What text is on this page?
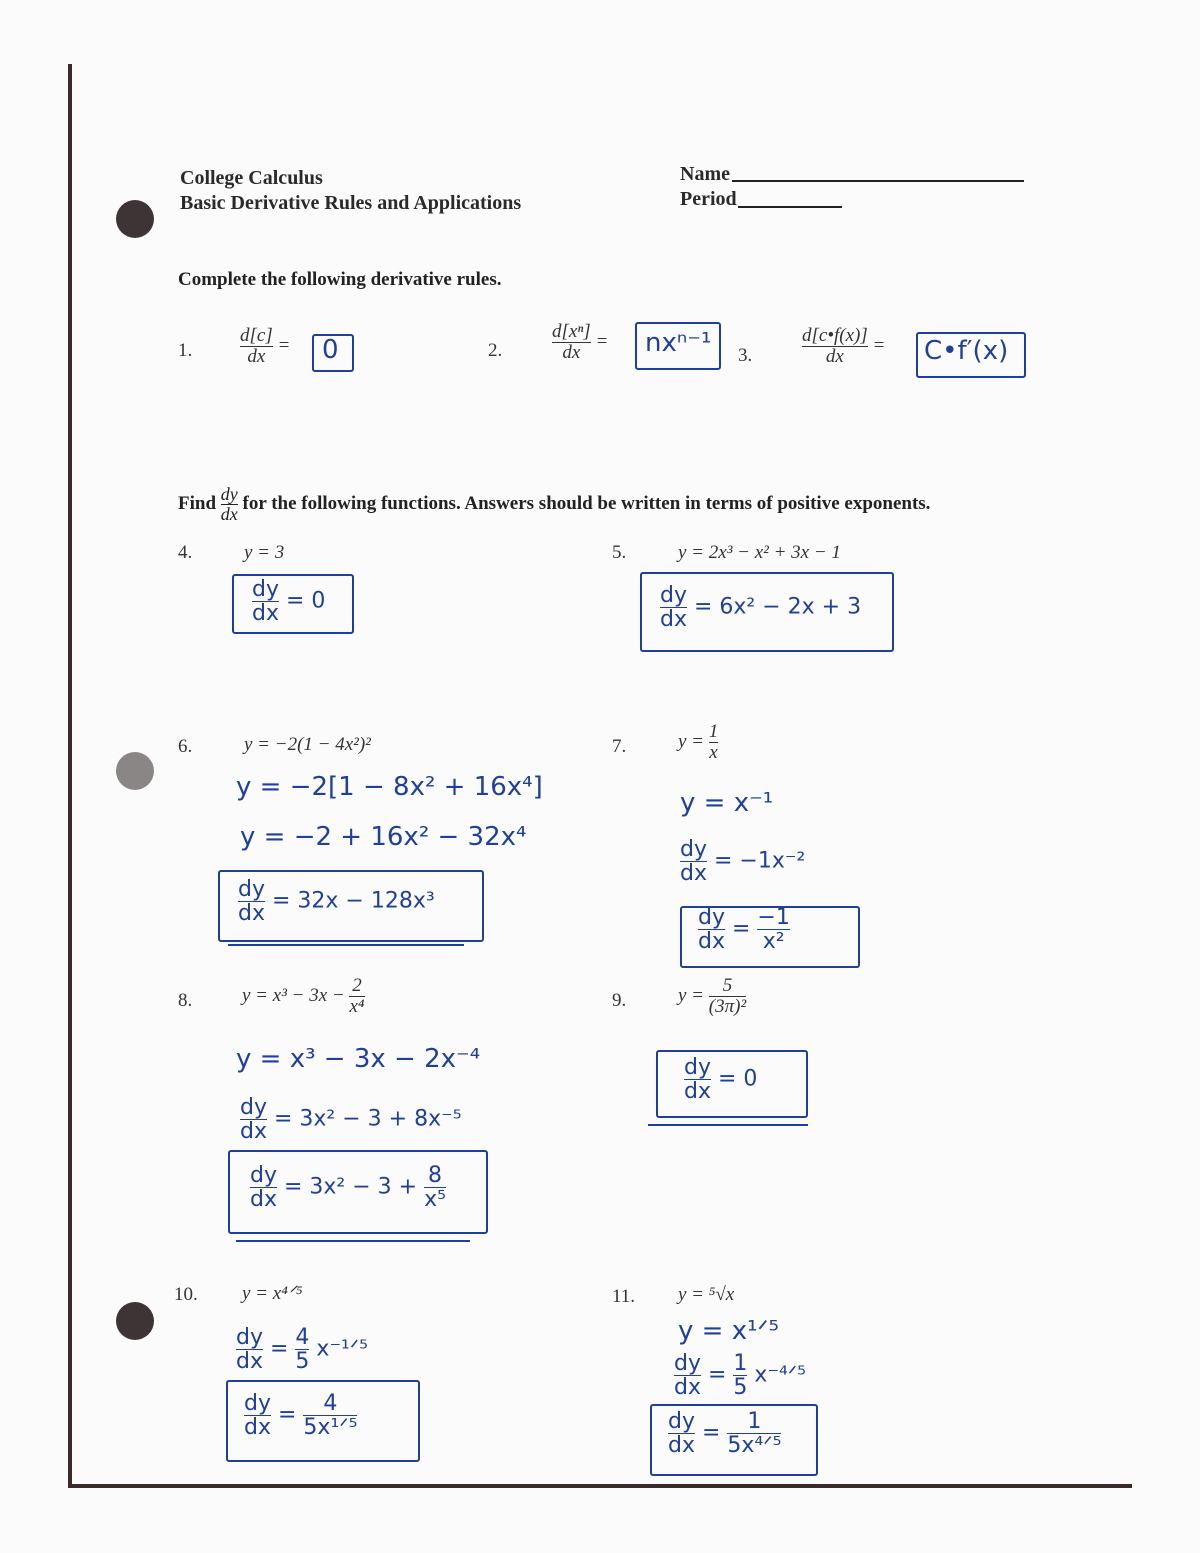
College Calculus
Basic Derivative Rules and Applications
Name
Period
Complete the following derivative rules.
1.	$\frac{d[c]}{dx} = 0$	2.	$\frac{\text{d[xⁿ]}}{dx} = nx^{n-1}$ 3.	$\frac{d[c•f(x)]}{dx}$ = C•f′(x)
Find $\frac{dy}{dx}$ for the following functions. Answers should be written in terms of positive exponents.
4.	y = 3
$\frac{dy}{dx} = 0$
5.	y = 2x³ − x² + 3x − 1
$\frac{dy}{dx} = 6x^2 - 2x + 3$
6.	y = −2(1 − 4x²)²
y = −2[1 − 8x² + 16x⁴]
y = −2 + 16x² − 32x⁴
$\frac{dy}{dx} = 32x - 128x^3$
7.	$y = \frac{1}{x}$
y = x⁻¹
$\frac{dy}{dx} = -1x^{-2}$
$\frac{dy}{dx} = \frac{-1}{\text{x²}}$
8.	$y = x^3 - 3x - \frac{2}{\text{x⁴}}$
y = x³ − 3x − 2x⁻⁴
$\frac{dy}{dx} = 3x^2 - 3 + 8x^{-5}$
$\frac{dy}{dx} = 3x^2 - 3 + \frac{8}{\text{x⁵}}$
9.	$y = \frac{5}{\text{(3π)²}}$
$\frac{dy}{dx} = 0$
10. y = x⁴ᐟ⁵
$\frac{dy}{dx} = \frac{4}{5}$ x⁻¹ᐟ⁵
$\frac{dy}{dx} = \frac{4}{\text{5x¹ᐟ⁵}}$
11. y = ⁵√x
y = x¹ᐟ⁵
$\frac{dy}{dx} = \frac{1}{5}$ x⁻⁴ᐟ⁵
$\frac{dy}{dx} = \frac{1}{\text{5x⁴ᐟ⁵}}$
